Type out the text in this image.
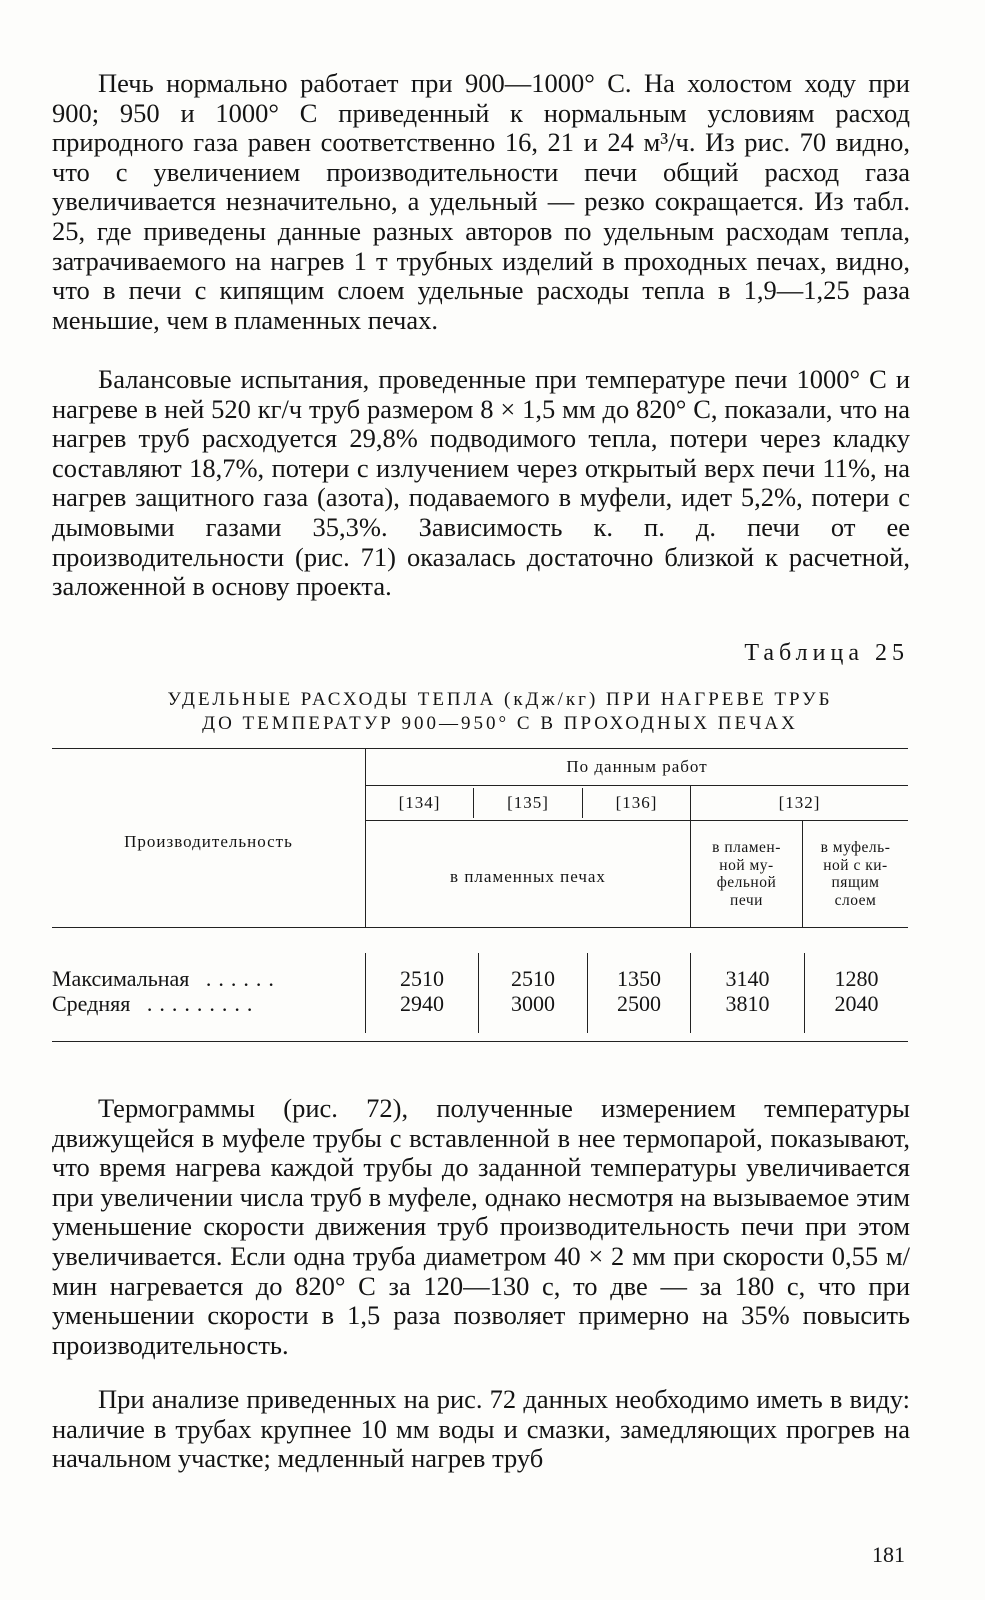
Печь нормально работает при 900—1000° С. На холостом ходу при 900; 950 и 1000° С приведенный к нормальным условиям расход природного газа равен соответственно 16, 21 и 24 м³/ч. Из рис. 70 видно, что с увеличением производительности печи общий расход газа увеличивается незначительно, а удельный — резко сокращается. Из табл. 25, где приведены данные разных авторов по удельным расходам тепла, затрачиваемого на нагрев 1 т трубных изделий в проходных печах, видно, что в печи с кипящим слоем удельные расходы тепла в 1,9—1,25 раза меньшие, чем в пламенных печах.

Балансовые испытания, проведенные при температуре печи 1000° С и нагреве в ней 520 кг/ч труб размером 8 × 1,5 мм до 820° С, показали, что на нагрев труб расходуется 29,8% подводимого тепла, потери через кладку составляют 18,7%, потери с излучением через открытый верх печи 11%, на нагрев защитного газа (азота), подаваемого в муфели, идет 5,2%, потери с дымовыми газами 35,3%. Зависимость к. п. д. печи от ее производительности (рис. 71) оказалась достаточно близкой к расчетной, заложенной в основу проекта.

Таблица 25
УДЕЛЬНЫЕ РАСХОДЫ ТЕПЛА (кДж/кг) ПРИ НАГРЕВЕ ТРУБ
ДО ТЕМПЕРАТУР 900—950° С В ПРОХОДНЫХ ПЕЧАХ
Производительность
По данным работ
[134]	[135]	[136]	[132]
в пламенных печах
в пламен-
ной му-
фельной
печи
в муфель-
ной с ки-
пящим
слоем
Максимальная ......	2510	2510	1350	3140	1280
Средняя .........	2940	3000	2500	3810	2040

Термограммы (рис. 72), полученные измерением температуры движущейся в муфеле трубы с вставленной в нее термопарой, показывают, что время нагрева каждой трубы до заданной температуры увеличивается при увеличении числа труб в муфеле, однако несмотря на вызываемое этим уменьшение скорости движения труб производительность печи при этом увеличивается. Если одна труба диаметром 40 × 2 мм при скорости 0,55 м/мин нагревается до 820° С за 120—130 с, то две — за 180 с, что при уменьшении скорости в 1,5 раза позволяет примерно на 35% повысить производительность.

При анализе приведенных на рис. 72 данных необходимо иметь в виду: наличие в трубах крупнее 10 мм воды и смазки, замедляющих прогрев на начальном участке; медленный нагрев труб

181
